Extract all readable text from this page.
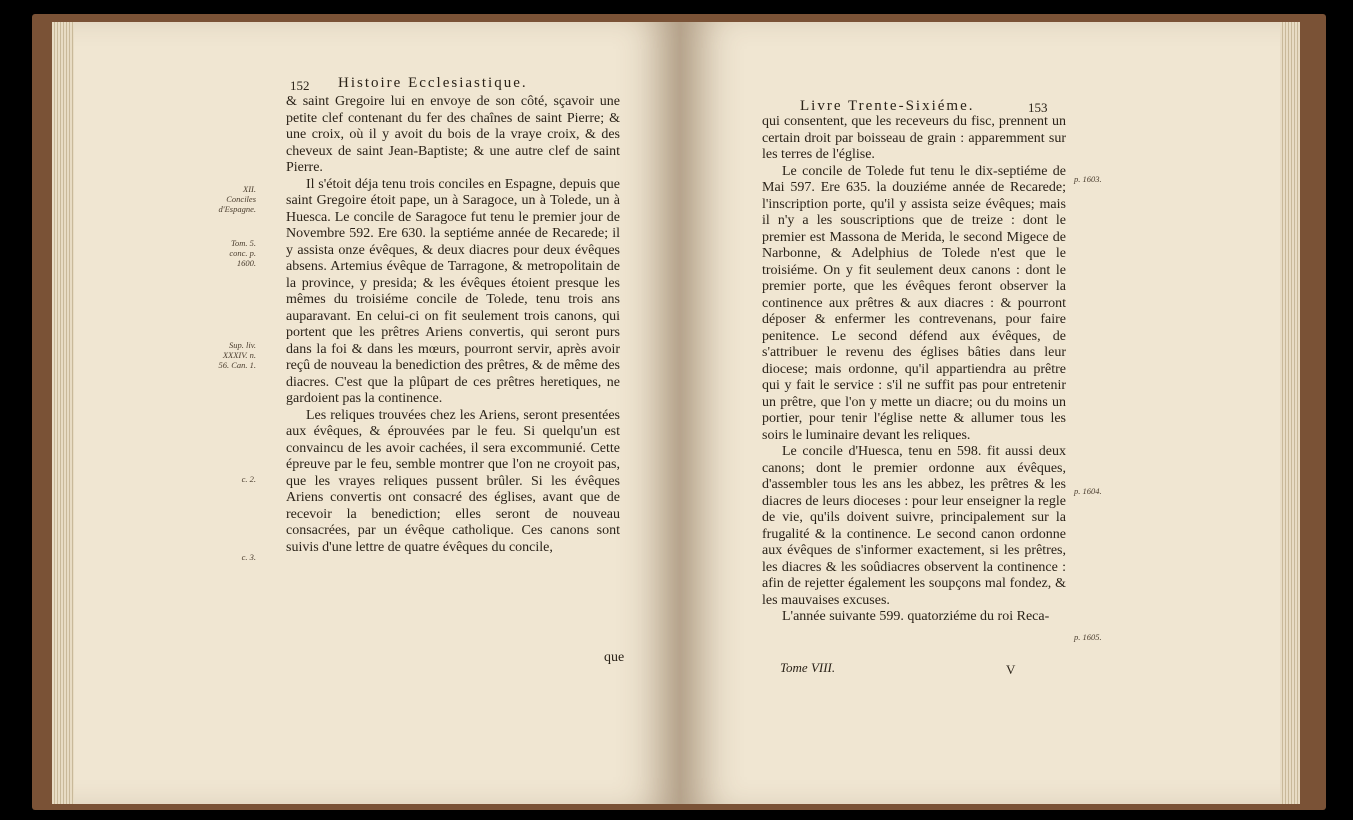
152 Histoire Ecclesiastique.
XII. Conciles d'Espagne.
Tom. 5. conc. p. 1600.
Sup. liv. XXXIV. n. 56. Can. 1.
c. 2.
c. 3.

& saint Gregoire lui en envoye de son côté, sçavoir une petite clef contenant du fer des chaînes de saint Pierre; & une croix, où il y avoit du bois de la vraye croix, & des cheveux de saint Jean-Baptiste; & une autre clef de saint Pierre.

Il s'étoit déja tenu trois conciles en Espagne, depuis que saint Gregoire étoit pape, un à Saragoce, un à Tolede, un à Huesca. Le concile de Saragoce fut tenu le premier jour de Novembre 592. Ere 630. la septiéme année de Recarede; il y assista onze évêques, & deux diacres pour deux évêques absens. Artemius évêque de Tarragone, & metropolitain de la province, y presida; & les évêques étoient presque les mêmes du troisiéme concile de Tolede, tenu trois ans auparavant. En celui-ci on fit seulement trois canons, qui portent que les prêtres Ariens convertis, qui seront purs dans la foi & dans les mœurs, pourront servir, après avoir reçû de nouveau la benediction des prêtres, & de même des diacres. C'est que la plûpart de ces prêtres heretiques, ne gardoient pas la continence.

Les reliques trouvées chez les Ariens, seront presentées aux évêques, & éprouvées par le feu. Si quelqu'un est convaincu de les avoir cachées, il sera excommunié. Cette épreuve par le feu, semble montrer que l'on ne croyoit pas, que les vrayes reliques pussent brûler. Si les évêques Ariens convertis ont consacré des églises, avant que de recevoir la benediction; elles seront de nouveau consacrées, par un évêque catholique. Ces canons sont suivis d'une lettre de quatre évêques du concile,

que
Livre Trente-Sixiéme.	153

qui consentent, que les receveurs du fisc, prennent un certain droit par boisseau de grain : apparemment sur les terres de l'église.

Le concile de Tolede fut tenu le dix-septiéme de Mai 597. Ere 635. la douziéme année de Recarede; l'inscription porte, qu'il y assista seize évêques; mais il n'y a les souscriptions que de treize : dont le premier est Massona de Merida, le second Migece de Narbonne, & Adelphius de Tolede n'est que le troisiéme. On y fit seulement deux canons : dont le premier porte, que les évêques feront observer la continence aux prêtres & aux diacres : & pourront déposer & enfermer les contrevenans, pour faire penitence. Le second défend aux évêques, de s'attribuer le revenu des églises bâties dans leur diocese; mais ordonne, qu'il appartiendra au prêtre qui y fait le service : s'il ne suffit pas pour entretenir un prêtre, que l'on y mette un diacre; ou du moins un portier, pour tenir l'église nette & allumer tous les soirs le luminaire devant les reliques.

Le concile d'Huesca, tenu en 598. fit aussi deux canons; dont le premier ordonne aux évêques, d'assembler tous les ans les abbez, les prêtres & les diacres de leurs dioceses : pour leur enseigner la regle de vie, qu'ils doivent suivre, principalement sur la frugalité & la continence. Le second canon ordonne aux évêques de s'informer exactement, si les prêtres, les diacres & les soûdiacres observent la continence : afin de rejetter également les soupçons mal fondez, & les mauvaises excuses.

L'année suivante 599. quatorziéme du roi Reca-

p. 1603.
p. 1604.
p. 1605.
Tome VIII.	V
